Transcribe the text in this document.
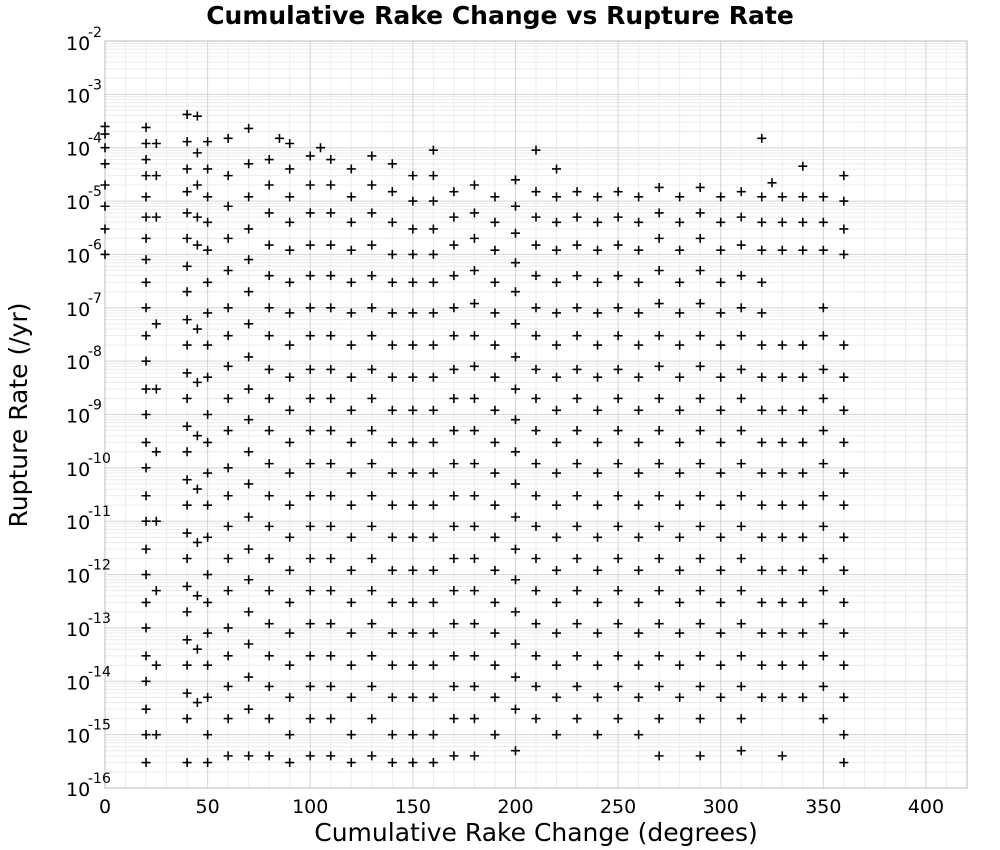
Cumulative Rake Change vs Rupture Rate
10
-16
10
-15
10
-14
10
-13
10
-12
10
-11
10
-10
10
-9
10
-8
10
-7
10
-6
10
-5
10
-4
10
-3
10
-2
0	50	100	150	200	250	300	350	400
Cumulative Rake Change (degrees)
Rupture Rate (/yr)
